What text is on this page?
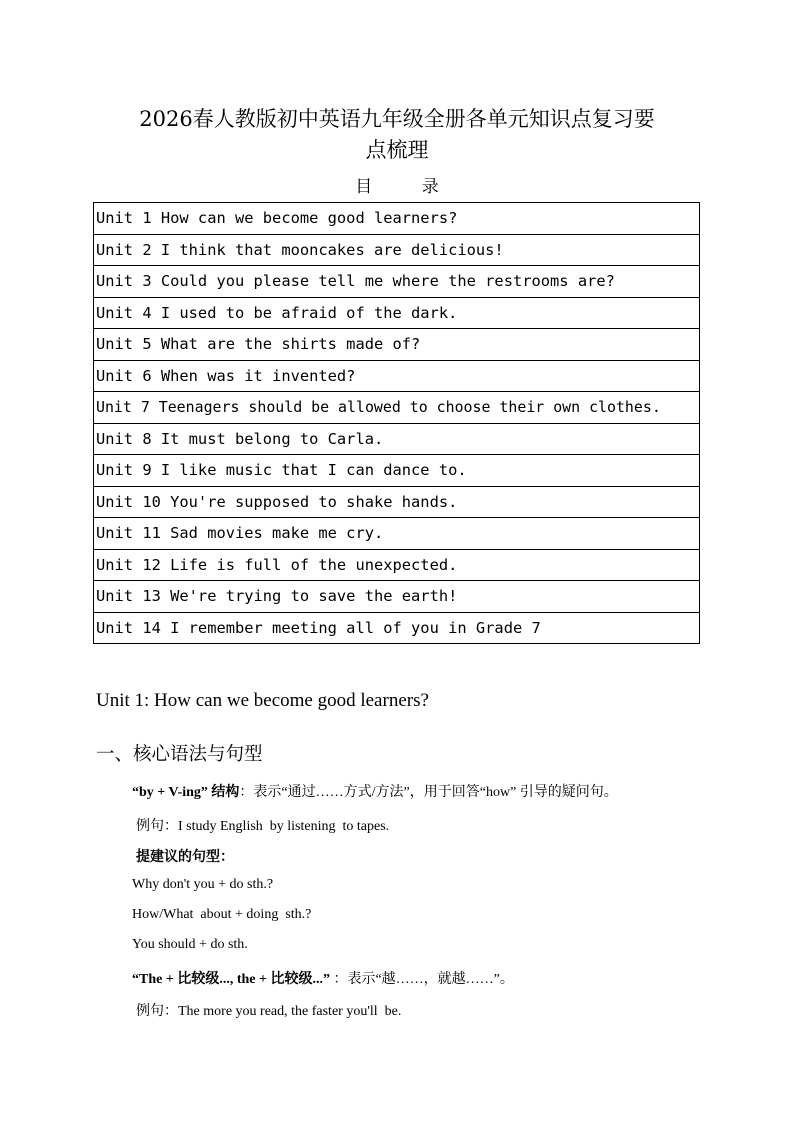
2026春人教版初中英语九年级全册各单元知识点复习要
点梳理
目 录
Unit 1 How can we become good learners?
Unit 2 I think that mooncakes are delicious!
Unit 3 Could you please tell me where the restrooms are?
Unit 4 I used to be afraid of the dark.
Unit 5 What are the shirts made of?
Unit 6 When was it invented?
Unit 7 Teenagers should be allowed to choose their own clothes.
Unit 8 It must belong to Carla.
Unit 9 I like music that I can dance to.
Unit 10 You're supposed to shake hands.
Unit 11 Sad movies make me cry.
Unit 12 Life is full of the unexpected.
Unit 13 We're trying to save the earth!
Unit 14 I remember meeting all of you in Grade 7
Unit 1: How can we become good learners?
一、核心语法与句型
“by + V-ing” 结构：表示“通过……方式/方法”，用于回答“how” 引导的疑问句。
例句：I study English  by listening  to tapes.
提建议的句型：
Why don't you + do sth.?
How/What  about + doing  sth.?
You should + do sth.
“The + 比较级..., the + 比较级...” ：表示“越……，就越……”。
例句：The more you read, the faster you'll  be.
